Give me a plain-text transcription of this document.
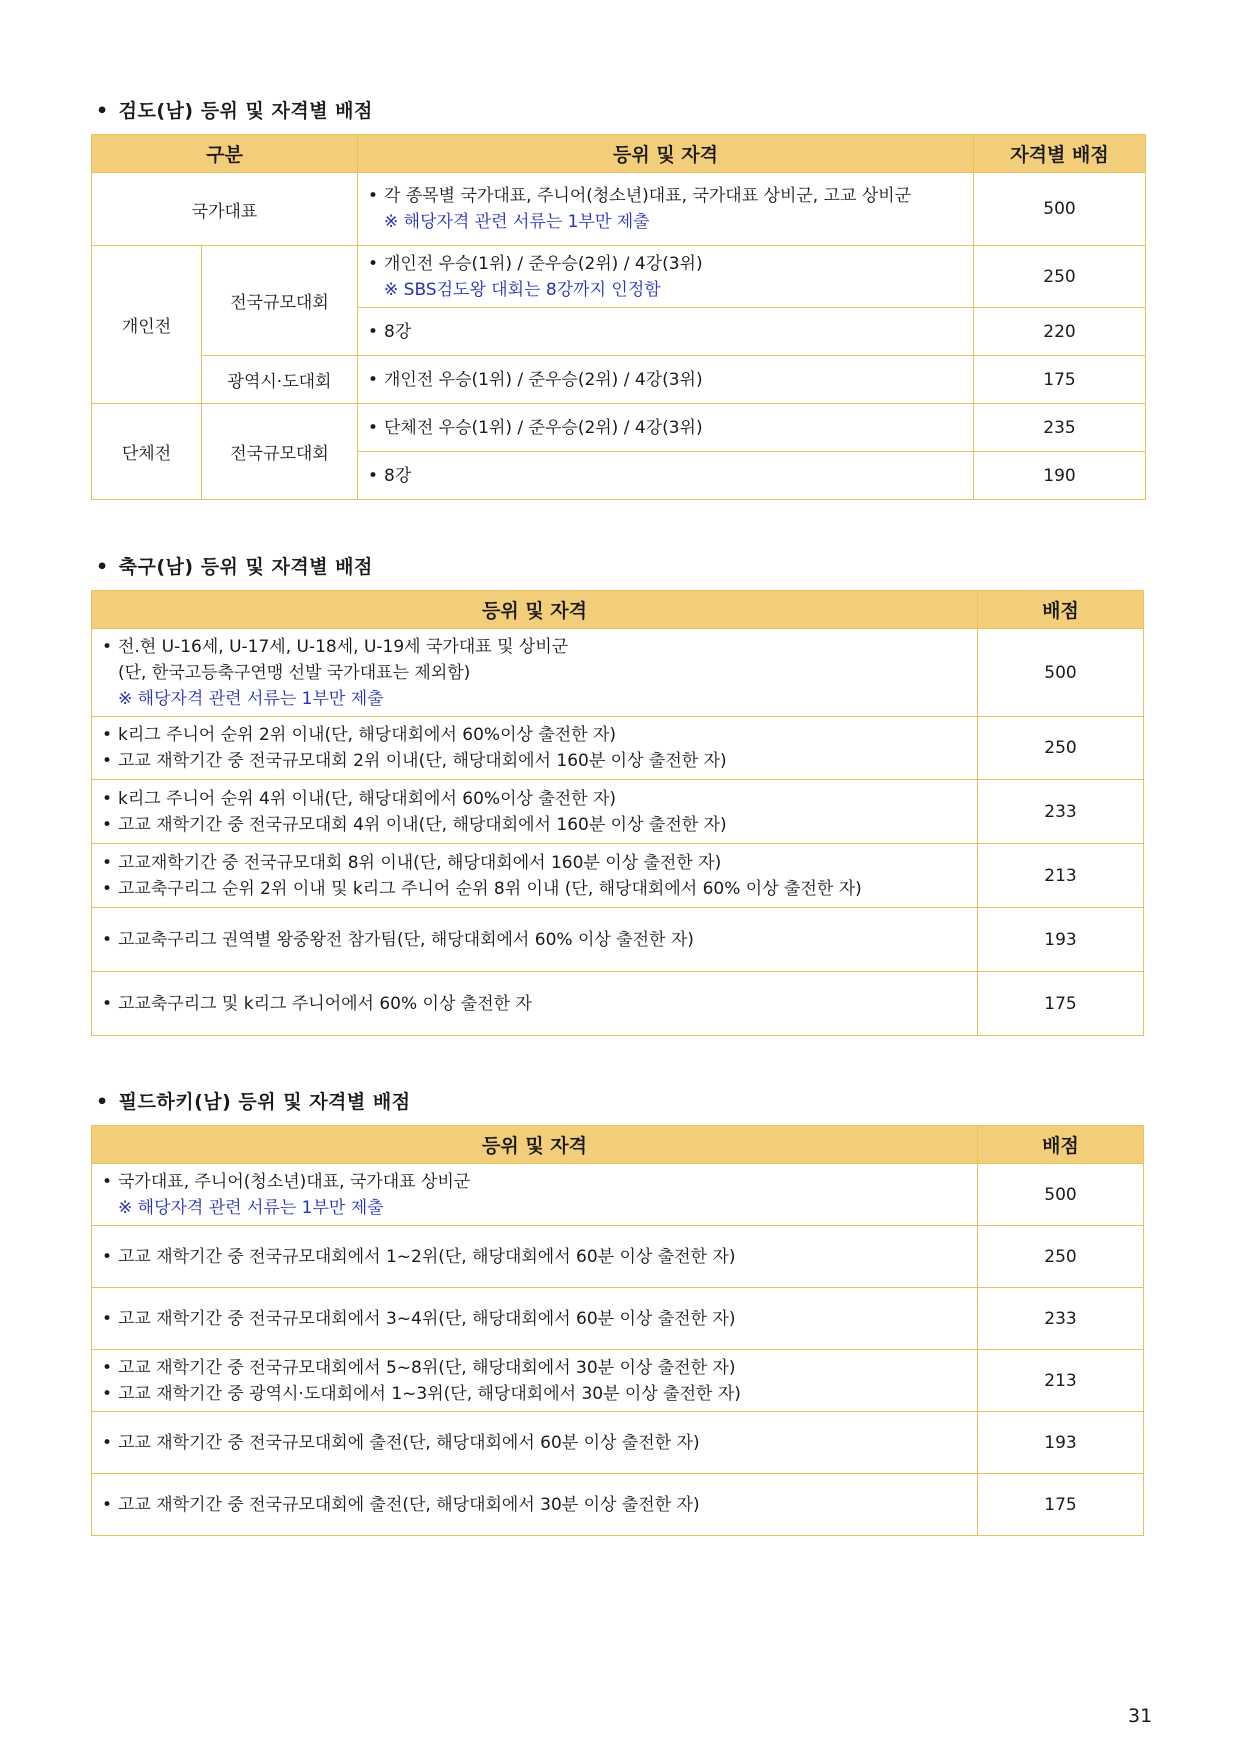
• 검도(남) 등위 및 자격별 배점
구분		등위 및 자격	자격별 배점
국가대표		• 각 종목별 국가대표, 주니어(청소년)대표, 국가대표 상비군, 고교 상비군
※ 해당자격 관련 서류는 1부만 제출	500
개인전	전국규모대회	• 개인전 우승(1위) / 준우승(2위) / 4강(3위)
※ SBS검도왕 대회는 8강까지 인정함	250

		• 8강	220
	광역시·도대회	• 개인전 우승(1위) / 준우승(2위) / 4강(3위)	175
단체전	전국규모대회	• 단체전 우승(1위) / 준우승(2위) / 4강(3위)	235

		• 8강	190
• 축구(남) 등위 및 자격별 배점
등위 및 자격	배점

• 전.현 U-16세, U-17세, U-18세, U-19세 국가대표 및 상비군
(단, 한국고등축구연맹 선발 국가대표는 제외함)
※ 해당자격 관련 서류는 1부만 제출	500

• k리그 주니어 순위 2위 이내(단, 해당대회에서 60%이상 출전한 자)
• 고교 재학기간 중 전국규모대회 2위 이내(단, 해당대회에서 160분 이상 출전한 자)	250

• k리그 주니어 순위 4위 이내(단, 해당대회에서 60%이상 출전한 자)
• 고교 재학기간 중 전국규모대회 4위 이내(단, 해당대회에서 160분 이상 출전한 자)	233

• 고교재학기간 중 전국규모대회 8위 이내(단, 해당대회에서 160분 이상 출전한 자)
• 고교축구리그 순위 2위 이내 및 k리그 주니어 순위 8위 이내 (단, 해당대회에서 60% 이상 출전한 자)	213

• 고교축구리그 권역별 왕중왕전 참가팀(단, 해당대회에서 60% 이상 출전한 자)	193

• 고교축구리그 및 k리그 주니어에서 60% 이상 출전한 자	175
• 필드하키(남) 등위 및 자격별 배점
등위 및 자격	배점

• 국가대표, 주니어(청소년)대표, 국가대표 상비군
※ 해당자격 관련 서류는 1부만 제출	500

• 고교 재학기간 중 전국규모대회에서 1~2위(단, 해당대회에서 60분 이상 출전한 자)	250

• 고교 재학기간 중 전국규모대회에서 3~4위(단, 해당대회에서 60분 이상 출전한 자)	233

• 고교 재학기간 중 전국규모대회에서 5~8위(단, 해당대회에서 30분 이상 출전한 자)
• 고교 재학기간 중 광역시·도대회에서 1~3위(단, 해당대회에서 30분 이상 출전한 자)	213

• 고교 재학기간 중 전국규모대회에 출전(단, 해당대회에서 60분 이상 출전한 자)	193

• 고교 재학기간 중 전국규모대회에 출전(단, 해당대회에서 30분 이상 출전한 자)	175
31
